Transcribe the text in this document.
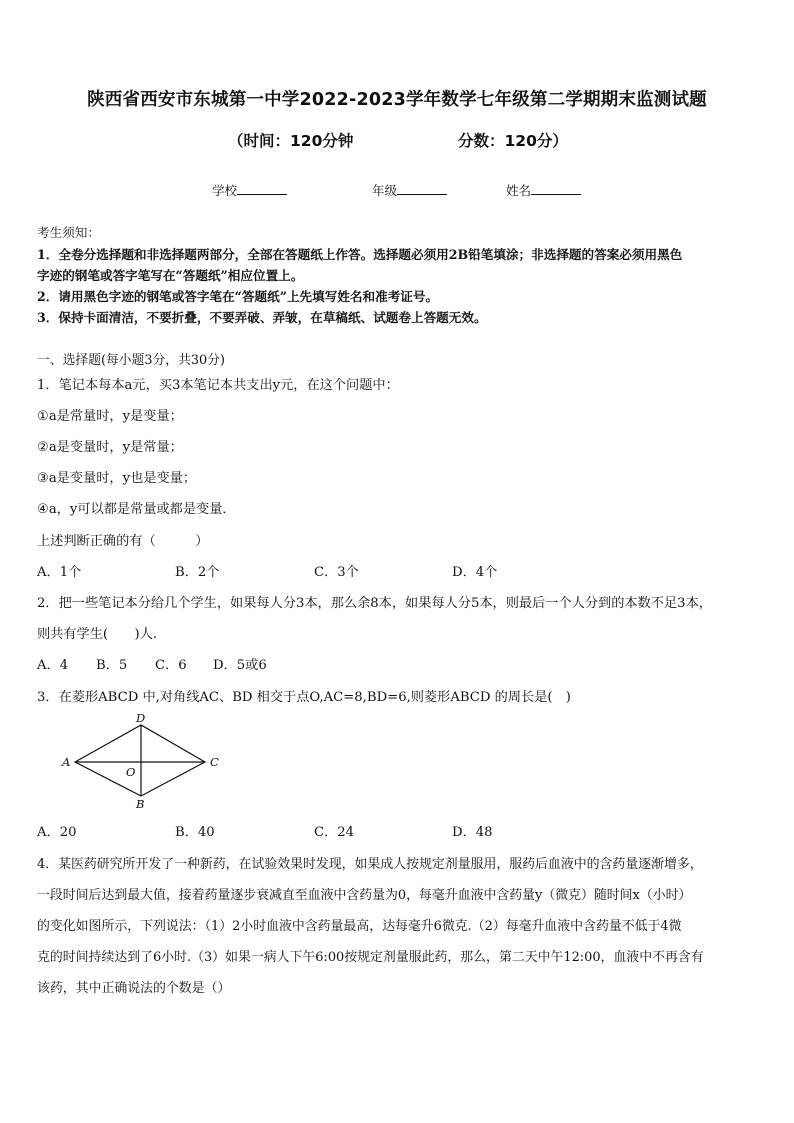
陕西省西安市东城第一中学2022-2023学年数学七年级第二学期期末监测试题
（时间：120分钟	分数：120分）
学校	年级	姓名
考生须知：
1．全卷分选择题和非选择题两部分，全部在答题纸上作答。选择题必须用2B铅笔填涂；非选择题的答案必须用黑色
字迹的钢笔或答字笔写在“答题纸”相应位置上。
2．请用黑色字迹的钢笔或答字笔在“答题纸”上先填写姓名和准考证号。
3．保持卡面清洁，不要折叠，不要弄破、弄皱，在草稿纸、试题卷上答题无效。
一、选择题(每小题3分，共30分)
1．笔记本每本a元，买3本笔记本共支出y元，在这个问题中：
①a是常量时，y是变量；
②a是变量时，y是常量；
③a是变量时，y也是变量；
④a，y可以都是常量或都是变量．
上述判断正确的有（　　　）
A．1个	B．2个	C．3个	D．4个
2．把一些笔记本分给几个学生，如果每人分3本，那么余8本，如果每人分5本，则最后一个人分到的本数不足3本，
则共有学生(　　)人.
A．4 B．5 C．6 D．5或6
3．在菱形ABCD 中,对角线AC、BD 相交于点O,AC=8,BD=6,则菱形ABCD 的周长是(　)
A	C
D
B
O
A．20	B．40	C．24	D．48
4．某医药研究所开发了一种新药，在试验效果时发现，如果成人按规定剂量服用，服药后血液中的含药量逐渐增多，
一段时间后达到最大值，接着药量逐步衰减直至血液中含药量为0，每毫升血液中含药量y（微克）随时间x（小时）
的变化如图所示，下列说法：（1）2小时血液中含药量最高，达每毫升6微克.（2）每毫升血液中含药量不低于4微
克的时间持续达到了6小时.（3）如果一病人下午6:00按规定剂量服此药，那么，第二天中午12:00，血液中不再含有
该药，其中正确说法的个数是（）
